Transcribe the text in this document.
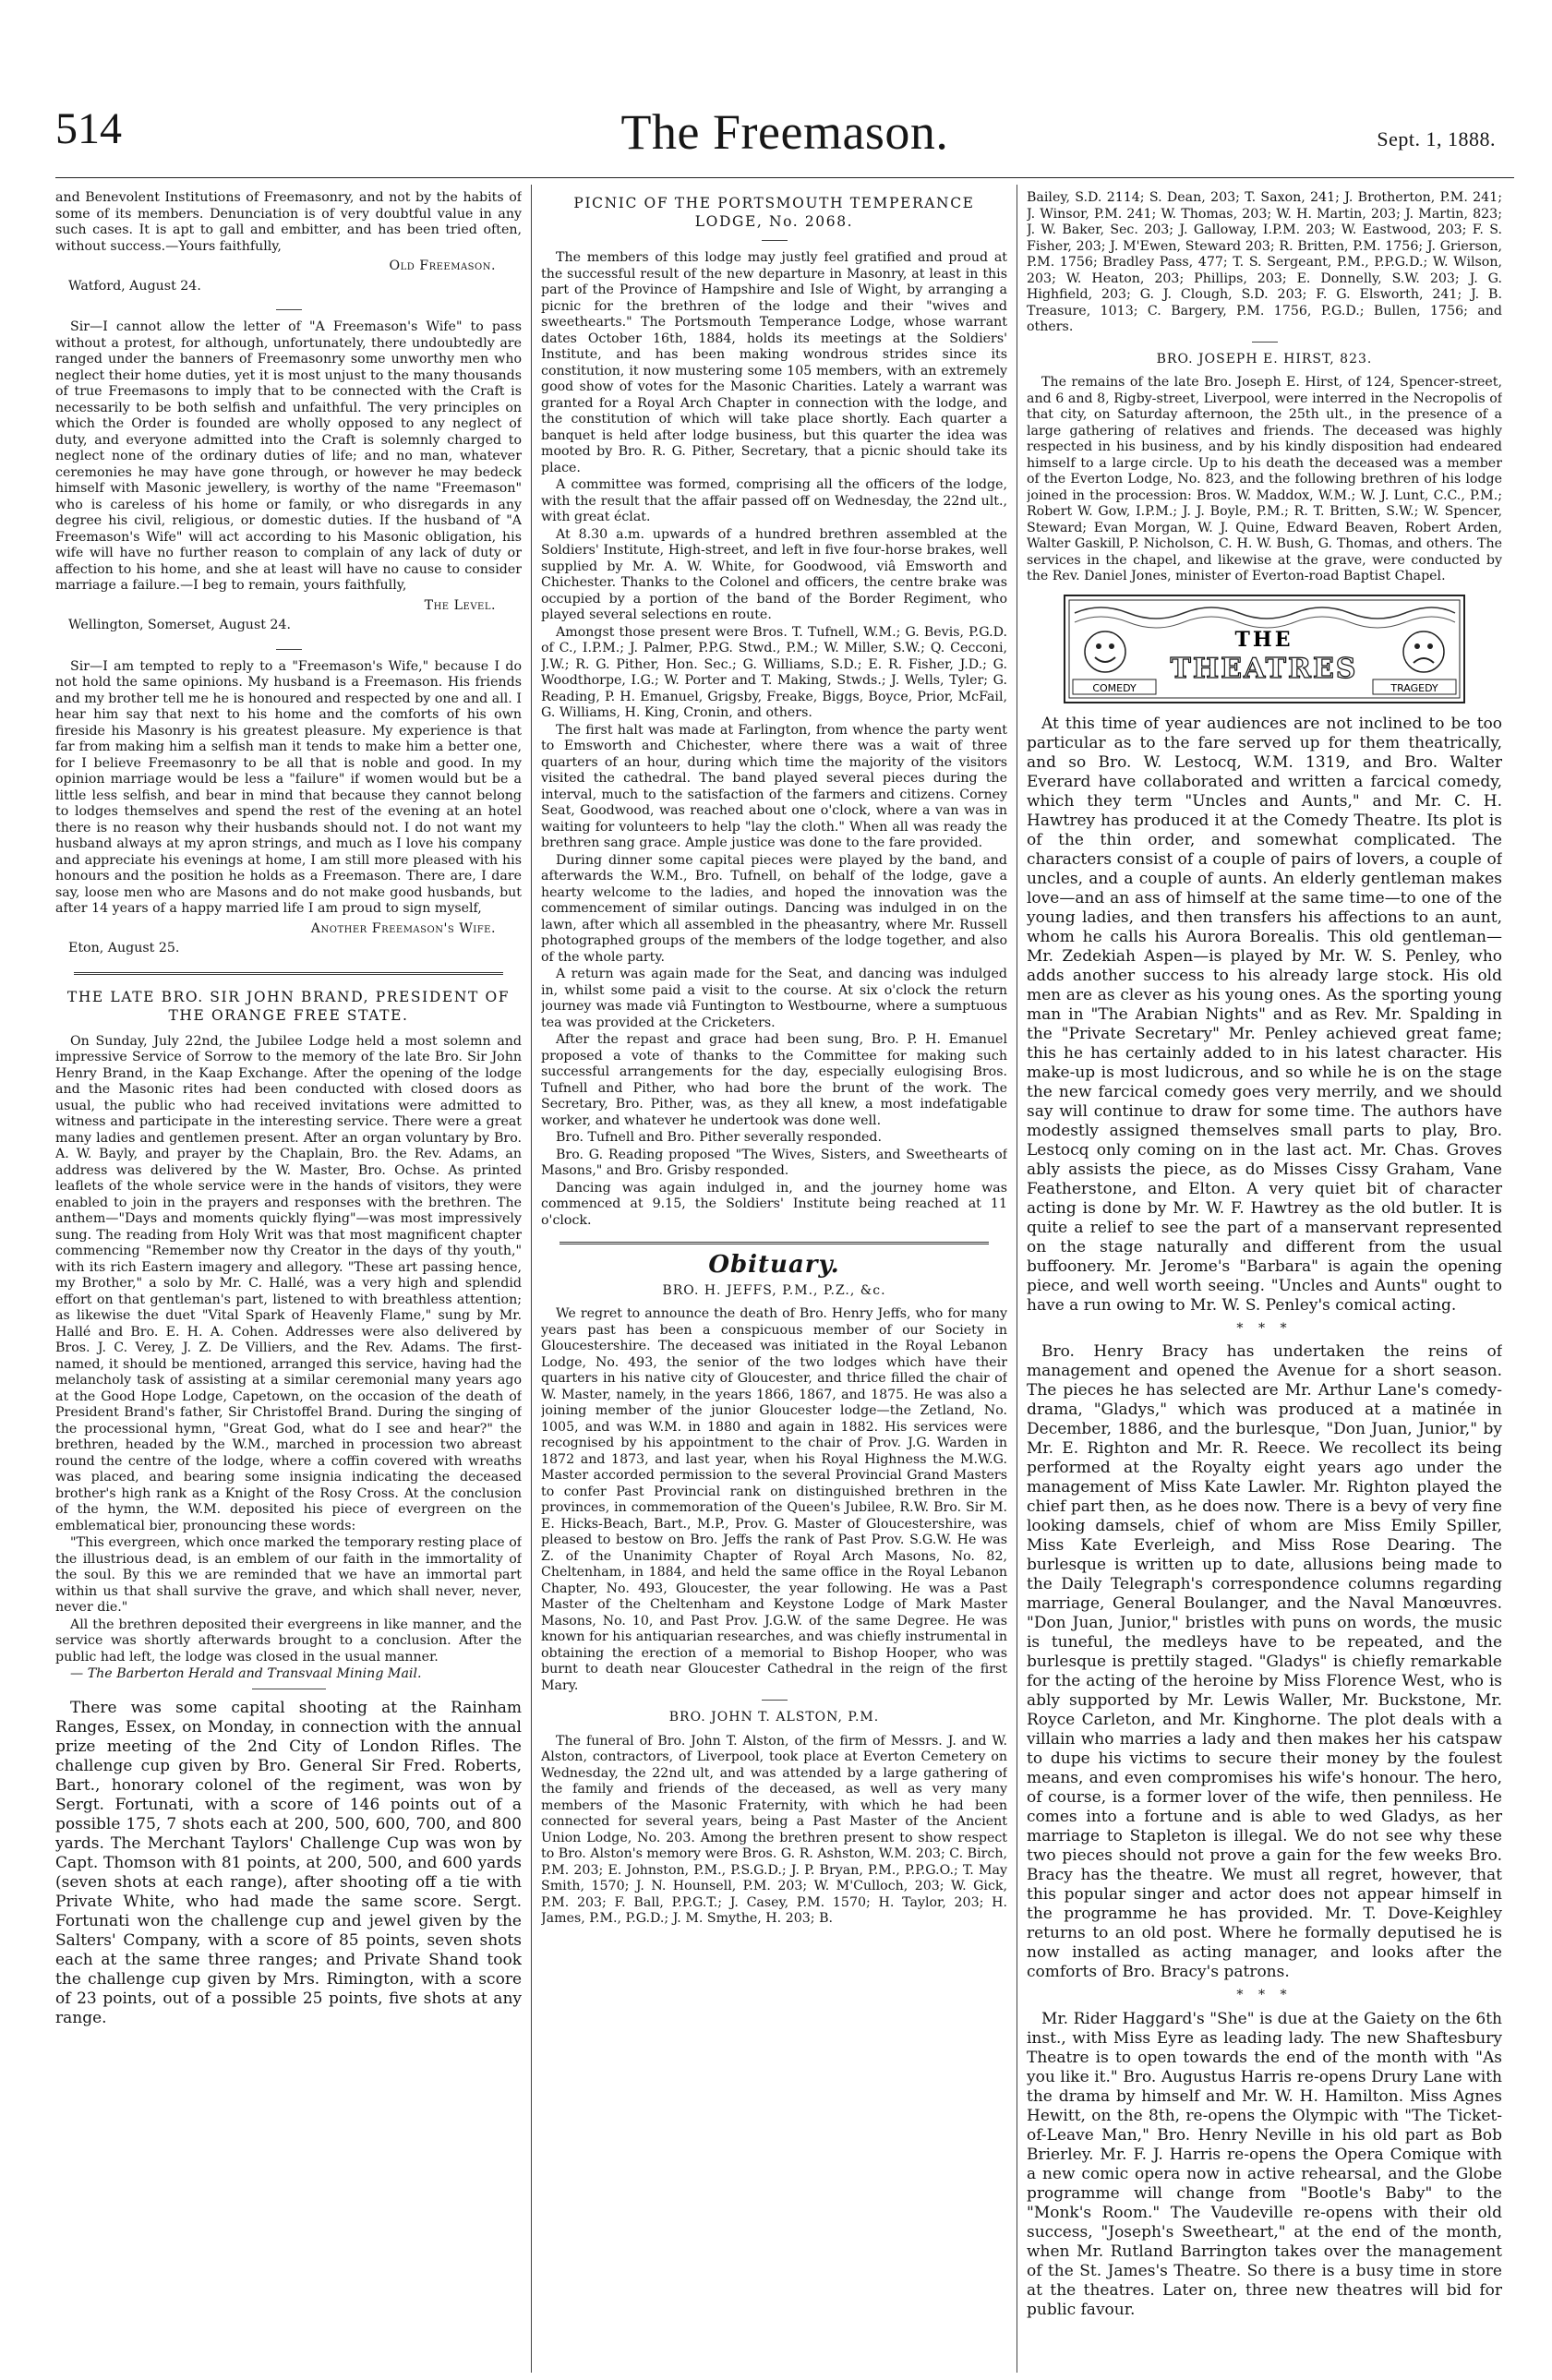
514	The Freemason.	Sept. 1, 1888.

and Benevolent Institutions of Freemasonry, and not by the habits of some of its members. Denunciation is of very doubtful value in any such cases. It is apt to gall and embitter, and has been tried often, without success.—Yours faithfully,

Old Freemason.
Watford, August 24.

Sir—I cannot allow the letter of "A Freemason's Wife" to pass without a protest, for although, unfortunately, there undoubtedly are ranged under the banners of Freemasonry some unworthy men who neglect their home duties, yet it is most unjust to the many thousands of true Freemasons to imply that to be connected with the Craft is necessarily to be both selfish and unfaithful. The very principles on which the Order is founded are wholly opposed to any neglect of duty, and everyone admitted into the Craft is solemnly charged to neglect none of the ordinary duties of life; and no man, whatever ceremonies he may have gone through, or however he may bedeck himself with Masonic jewellery, is worthy of the name "Freemason" who is careless of his home or family, or who disregards in any degree his civil, religious, or domestic duties. If the husband of "A Freemason's Wife" will act according to his Masonic obligation, his wife will have no further reason to complain of any lack of duty or affection to his home, and she at least will have no cause to consider marriage a failure.—I beg to remain, yours faithfully,

The Level.
Wellington, Somerset, August 24.

Sir—I am tempted to reply to a "Freemason's Wife," because I do not hold the same opinions. My husband is a Freemason. His friends and my brother tell me he is honoured and respected by one and all. I hear him say that next to his home and the comforts of his own fireside his Masonry is his greatest pleasure. My experience is that far from making him a selfish man it tends to make him a better one, for I believe Freemasonry to be all that is noble and good. In my opinion marriage would be less a "failure" if women would but be a little less selfish, and bear in mind that because they cannot belong to lodges themselves and spend the rest of the evening at an hotel there is no reason why their husbands should not. I do not want my husband always at my apron strings, and much as I love his company and appreciate his evenings at home, I am still more pleased with his honours and the position he holds as a Freemason. There are, I dare say, loose men who are Masons and do not make good husbands, but after 14 years of a happy married life I am proud to sign myself,

Another Freemason's Wife.
Eton, August 25.
THE LATE BRO. SIR JOHN BRAND, PRESIDENT OF THE ORANGE FREE STATE.

On Sunday, July 22nd, the Jubilee Lodge held a most solemn and impressive Service of Sorrow to the memory of the late Bro. Sir John Henry Brand, in the Kaap Exchange. After the opening of the lodge and the Masonic rites had been conducted with closed doors as usual, the public who had received invitations were admitted to witness and participate in the interesting service. There were a great many ladies and gentlemen present. After an organ voluntary by Bro. A. W. Bayly, and prayer by the Chaplain, Bro. the Rev. Adams, an address was delivered by the W. Master, Bro. Ochse. As printed leaflets of the whole service were in the hands of visitors, they were enabled to join in the prayers and responses with the brethren. The anthem—"Days and moments quickly flying"—was most impressively sung. The reading from Holy Writ was that most magnificent chapter commencing "Remember now thy Creator in the days of thy youth," with its rich Eastern imagery and allegory. "These art passing hence, my Brother," a solo by Mr. C. Hallé, was a very high and splendid effort on that gentleman's part, listened to with breathless attention; as likewise the duet "Vital Spark of Heavenly Flame," sung by Mr. Hallé and Bro. E. H. A. Cohen. Addresses were also delivered by Bros. J. C. Verey, J. Z. De Villiers, and the Rev. Adams. The first-named, it should be mentioned, arranged this service, having had the melancholy task of assisting at a similar ceremonial many years ago at the Good Hope Lodge, Capetown, on the occasion of the death of President Brand's father, Sir Christoffel Brand. During the singing of the processional hymn, "Great God, what do I see and hear?" the brethren, headed by the W.M., marched in procession two abreast round the centre of the lodge, where a coffin covered with wreaths was placed, and bearing some insignia indicating the deceased brother's high rank as a Knight of the Rosy Cross. At the conclusion of the hymn, the W.M. deposited his piece of evergreen on the emblematical bier, pronouncing these words:

"This evergreen, which once marked the temporary resting place of the illustrious dead, is an emblem of our faith in the immortality of the soul. By this we are reminded that we have an immortal part within us that shall survive the grave, and which shall never, never, never die."

All the brethren deposited their evergreens in like manner, and the service was shortly afterwards brought to a conclusion. After the public had left, the lodge was closed in the usual manner.

— The Barberton Herald and Transvaal Mining Mail.

There was some capital shooting at the Rainham Ranges, Essex, on Monday, in connection with the annual prize meeting of the 2nd City of London Rifles. The challenge cup given by Bro. General Sir Fred. Roberts, Bart., honorary colonel of the regiment, was won by Sergt. Fortunati, with a score of 146 points out of a possible 175, 7 shots each at 200, 500, 600, 700, and 800 yards. The Merchant Taylors' Challenge Cup was won by Capt. Thomson with 81 points, at 200, 500, and 600 yards (seven shots at each range), after shooting off a tie with Private White, who had made the same score. Sergt. Fortunati won the challenge cup and jewel given by the Salters' Company, with a score of 85 points, seven shots each at the same three ranges; and Private Shand took the challenge cup given by Mrs. Rimington, with a score of 23 points, out of a possible 25 points, five shots at any range.

PICNIC OF THE PORTSMOUTH TEMPERANCE LODGE, No. 2068.

The members of this lodge may justly feel gratified and proud at the successful result of the new departure in Masonry, at least in this part of the Province of Hampshire and Isle of Wight, by arranging a picnic for the brethren of the lodge and their "wives and sweethearts." The Portsmouth Temperance Lodge, whose warrant dates October 16th, 1884, holds its meetings at the Soldiers' Institute, and has been making wondrous strides since its constitution, it now mustering some 105 members, with an extremely good show of votes for the Masonic Charities. Lately a warrant was granted for a Royal Arch Chapter in connection with the lodge, and the constitution of which will take place shortly. Each quarter a banquet is held after lodge business, but this quarter the idea was mooted by Bro. R. G. Pither, Secretary, that a picnic should take its place.

A committee was formed, comprising all the officers of the lodge, with the result that the affair passed off on Wednesday, the 22nd ult., with great éclat.

At 8.30 a.m. upwards of a hundred brethren assembled at the Soldiers' Institute, High-street, and left in five four-horse brakes, well supplied by Mr. A. W. White, for Goodwood, viâ Emsworth and Chichester. Thanks to the Colonel and officers, the centre brake was occupied by a portion of the band of the Border Regiment, who played several selections en route.

Amongst those present were Bros. T. Tufnell, W.M.; G. Bevis, P.G.D. of C., I.P.M.; J. Palmer, P.P.G. Stwd., P.M.; W. Miller, S.W.; Q. Cecconi, J.W.; R. G. Pither, Hon. Sec.; G. Williams, S.D.; E. R. Fisher, J.D.; G. Woodthorpe, I.G.; W. Porter and T. Making, Stwds.; J. Wells, Tyler; G. Reading, P. H. Emanuel, Grigsby, Freake, Biggs, Boyce, Prior, McFail, G. Williams, H. King, Cronin, and others.

The first halt was made at Farlington, from whence the party went to Emsworth and Chichester, where there was a wait of three quarters of an hour, during which time the majority of the visitors visited the cathedral. The band played several pieces during the interval, much to the satisfaction of the farmers and citizens. Corney Seat, Goodwood, was reached about one o'clock, where a van was in waiting for volunteers to help "lay the cloth." When all was ready the brethren sang grace. Ample justice was done to the fare provided.

During dinner some capital pieces were played by the band, and afterwards the W.M., Bro. Tufnell, on behalf of the lodge, gave a hearty welcome to the ladies, and hoped the innovation was the commencement of similar outings. Dancing was indulged in on the lawn, after which all assembled in the pheasantry, where Mr. Russell photographed groups of the members of the lodge together, and also of the whole party.

A return was again made for the Seat, and dancing was indulged in, whilst some paid a visit to the course. At six o'clock the return journey was made viâ Funtington to Westbourne, where a sumptuous tea was provided at the Cricketers.

After the repast and grace had been sung, Bro. P. H. Emanuel proposed a vote of thanks to the Committee for making such successful arrangements for the day, especially eulogising Bros. Tufnell and Pither, who had bore the brunt of the work. The Secretary, Bro. Pither, was, as they all knew, a most indefatigable worker, and whatever he undertook was done well.

Bro. Tufnell and Bro. Pither severally responded.

Bro. G. Reading proposed "The Wives, Sisters, and Sweethearts of Masons," and Bro. Grisby responded.

Dancing was again indulged in, and the journey home was commenced at 9.15, the Soldiers' Institute being reached at 11 o'clock.

Obituary.
BRO. H. JEFFS, P.M., P.Z., &c.

We regret to announce the death of Bro. Henry Jeffs, who for many years past has been a conspicuous member of our Society in Gloucestershire. The deceased was initiated in the Royal Lebanon Lodge, No. 493, the senior of the two lodges which have their quarters in his native city of Gloucester, and thrice filled the chair of W. Master, namely, in the years 1866, 1867, and 1875. He was also a joining member of the junior Gloucester lodge—the Zetland, No. 1005, and was W.M. in 1880 and again in 1882. His services were recognised by his appointment to the chair of Prov. J.G. Warden in 1872 and 1873, and last year, when his Royal Highness the M.W.G. Master accorded permission to the several Provincial Grand Masters to confer Past Provincial rank on distinguished brethren in the provinces, in commemoration of the Queen's Jubilee, R.W. Bro. Sir M. E. Hicks-Beach, Bart., M.P., Prov. G. Master of Gloucestershire, was pleased to bestow on Bro. Jeffs the rank of Past Prov. S.G.W. He was Z. of the Unanimity Chapter of Royal Arch Masons, No. 82, Cheltenham, in 1884, and held the same office in the Royal Lebanon Chapter, No. 493, Gloucester, the year following. He was a Past Master of the Cheltenham and Keystone Lodge of Mark Master Masons, No. 10, and Past Prov. J.G.W. of the same Degree. He was known for his antiquarian researches, and was chiefly instrumental in obtaining the erection of a memorial to Bishop Hooper, who was burnt to death near Gloucester Cathedral in the reign of the first Mary.

BRO. JOHN T. ALSTON, P.M.

The funeral of Bro. John T. Alston, of the firm of Messrs. J. and W. Alston, contractors, of Liverpool, took place at Everton Cemetery on Wednesday, the 22nd ult, and was attended by a large gathering of the family and friends of the deceased, as well as very many members of the Masonic Fraternity, with which he had been connected for several years, being a Past Master of the Ancient Union Lodge, No. 203. Among the brethren present to show respect to Bro. Alston's memory were Bros. G. R. Ashston, W.M. 203; C. Birch, P.M. 203; E. Johnston, P.M., P.S.G.D.; J. P. Bryan, P.M., P.P.G.O.; T. May Smith, 1570; J. N. Hounsell, P.M. 203; W. M'Culloch, 203; W. Gick, P.M. 203; F. Ball, P.P.G.T.; J. Casey, P.M. 1570; H. Taylor, 203; H. James, P.M., P.G.D.; J. M. Smythe, H. 203; B.

Bailey, S.D. 2114; S. Dean, 203; T. Saxon, 241; J. Brotherton, P.M. 241; J. Winsor, P.M. 241; W. Thomas, 203; W. H. Martin, 203; J. Martin, 823; J. W. Baker, Sec. 203; J. Galloway, I.P.M. 203; W. Eastwood, 203; F. S. Fisher, 203; J. M'Ewen, Steward 203; R. Britten, P.M. 1756; J. Grierson, P.M. 1756; Bradley Pass, 477; T. S. Sergeant, P.M., P.P.G.D.; W. Wilson, 203; W. Heaton, 203; Phillips, 203; E. Donnelly, S.W. 203; J. G. Highfield, 203; G. J. Clough, S.D. 203; F. G. Elsworth, 241; J. B. Treasure, 1013; C. Bargery, P.M. 1756, P.G.D.; Bullen, 1756; and others.

BRO. JOSEPH E. HIRST, 823.

The remains of the late Bro. Joseph E. Hirst, of 124, Spencer-street, and 6 and 8, Rigby-street, Liverpool, were interred in the Necropolis of that city, on Saturday afternoon, the 25th ult., in the presence of a large gathering of relatives and friends. The deceased was highly respected in his business, and by his kindly disposition had endeared himself to a large circle. Up to his death the deceased was a member of the Everton Lodge, No. 823, and the following brethren of his lodge joined in the procession: Bros. W. Maddox, W.M.; W. J. Lunt, C.C., P.M.; Robert W. Gow, I.P.M.; J. J. Boyle, P.M.; R. T. Britten, S.W.; W. Spencer, Steward; Evan Morgan, W. J. Quine, Edward Beaven, Robert Arden, Walter Gaskill, P. Nicholson, C. H. W. Bush, G. Thomas, and others. The services in the chapel, and likewise at the grave, were conducted by the Rev. Daniel Jones, minister of Everton-road Baptist Chapel.

THE
THEATRES
COMEDY	TRAGEDY

At this time of year audiences are not inclined to be too particular as to the fare served up for them theatrically, and so Bro. W. Lestocq, W.M. 1319, and Bro. Walter Everard have collaborated and written a farcical comedy, which they term "Uncles and Aunts," and Mr. C. H. Hawtrey has produced it at the Comedy Theatre. Its plot is of the thin order, and somewhat complicated. The characters consist of a couple of pairs of lovers, a couple of uncles, and a couple of aunts. An elderly gentleman makes love—and an ass of himself at the same time—to one of the young ladies, and then transfers his affections to an aunt, whom he calls his Aurora Borealis. This old gentleman—Mr. Zedekiah Aspen—is played by Mr. W. S. Penley, who adds another success to his already large stock. His old men are as clever as his young ones. As the sporting young man in "The Arabian Nights" and as Rev. Mr. Spalding in the "Private Secretary" Mr. Penley achieved great fame; this he has certainly added to in his latest character. His make-up is most ludicrous, and so while he is on the stage the new farcical comedy goes very merrily, and we should say will continue to draw for some time. The authors have modestly assigned themselves small parts to play, Bro. Lestocq only coming on in the last act. Mr. Chas. Groves ably assists the piece, as do Misses Cissy Graham, Vane Featherstone, and Elton. A very quiet bit of character acting is done by Mr. W. F. Hawtrey as the old butler. It is quite a relief to see the part of a manservant represented on the stage naturally and different from the usual buffoonery. Mr. Jerome's "Barbara" is again the opening piece, and well worth seeing. "Uncles and Aunts" ought to have a run owing to Mr. W. S. Penley's comical acting.

* * *

Bro. Henry Bracy has undertaken the reins of management and opened the Avenue for a short season. The pieces he has selected are Mr. Arthur Lane's comedy-drama, "Gladys," which was produced at a matinée in December, 1886, and the burlesque, "Don Juan, Junior," by Mr. E. Righton and Mr. R. Reece. We recollect its being performed at the Royalty eight years ago under the management of Miss Kate Lawler. Mr. Righton played the chief part then, as he does now. There is a bevy of very fine looking damsels, chief of whom are Miss Emily Spiller, Miss Kate Everleigh, and Miss Rose Dearing. The burlesque is written up to date, allusions being made to the Daily Telegraph's correspondence columns regarding marriage, General Boulanger, and the Naval Manœuvres. "Don Juan, Junior," bristles with puns on words, the music is tuneful, the medleys have to be repeated, and the burlesque is prettily staged. "Gladys" is chiefly remarkable for the acting of the heroine by Miss Florence West, who is ably supported by Mr. Lewis Waller, Mr. Buckstone, Mr. Royce Carleton, and Mr. Kinghorne. The plot deals with a villain who marries a lady and then makes her his catspaw to dupe his victims to secure their money by the foulest means, and even compromises his wife's honour. The hero, of course, is a former lover of the wife, then penniless. He comes into a fortune and is able to wed Gladys, as her marriage to Stapleton is illegal. We do not see why these two pieces should not prove a gain for the few weeks Bro. Bracy has the theatre. We must all regret, however, that this popular singer and actor does not appear himself in the programme he has provided. Mr. T. Dove-Keighley returns to an old post. Where he formally deputised he is now installed as acting manager, and looks after the comforts of Bro. Bracy's patrons.

* * *

Mr. Rider Haggard's "She" is due at the Gaiety on the 6th inst., with Miss Eyre as leading lady. The new Shaftesbury Theatre is to open towards the end of the month with "As you like it." Bro. Augustus Harris re-opens Drury Lane with the drama by himself and Mr. W. H. Hamilton. Miss Agnes Hewitt, on the 8th, re-opens the Olympic with "The Ticket-of-Leave Man," Bro. Henry Neville in his old part as Bob Brierley. Mr. F. J. Harris re-opens the Opera Comique with a new comic opera now in active rehearsal, and the Globe programme will change from "Bootle's Baby" to the "Monk's Room." The Vaudeville re-opens with their old success, "Joseph's Sweetheart," at the end of the month, when Mr. Rutland Barrington takes over the management of the St. James's Theatre. So there is a busy time in store at the theatres. Later on, three new theatres will bid for public favour.
